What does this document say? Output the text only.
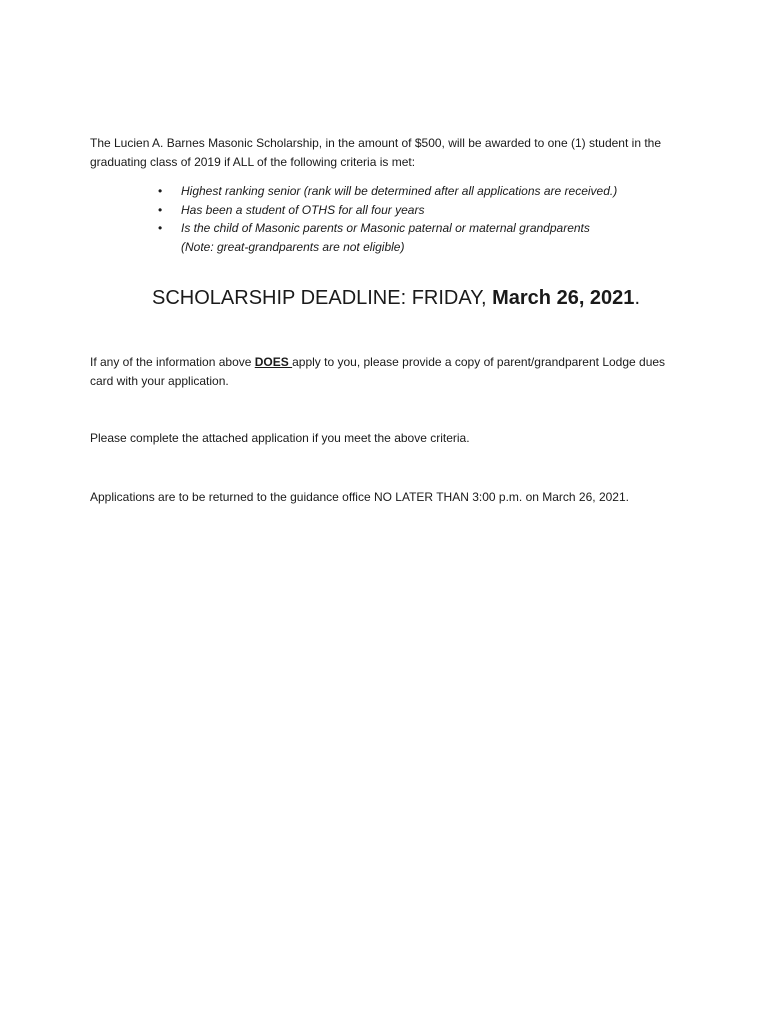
The Lucien A. Barnes Masonic Scholarship, in the amount of $500, will be awarded to one (1) student in the graduating class of 2019 if ALL of the following criteria is met:

• Highest ranking senior (rank will be determined after all applications are received.)
• Has been a student of OTHS for all four years
• Is the child of Masonic parents or Masonic paternal or maternal grandparents
(Note: great-grandparents are not eligible)

SCHOLARSHIP DEADLINE: FRIDAY, March 26, 2021.

If any of the information above DOES apply to you, please provide a copy of parent/grandparent Lodge dues card with your application.

Please complete the attached application if you meet the above criteria.

Applications are to be returned to the guidance office NO LATER THAN 3:00 p.m. on March 26, 2021.
